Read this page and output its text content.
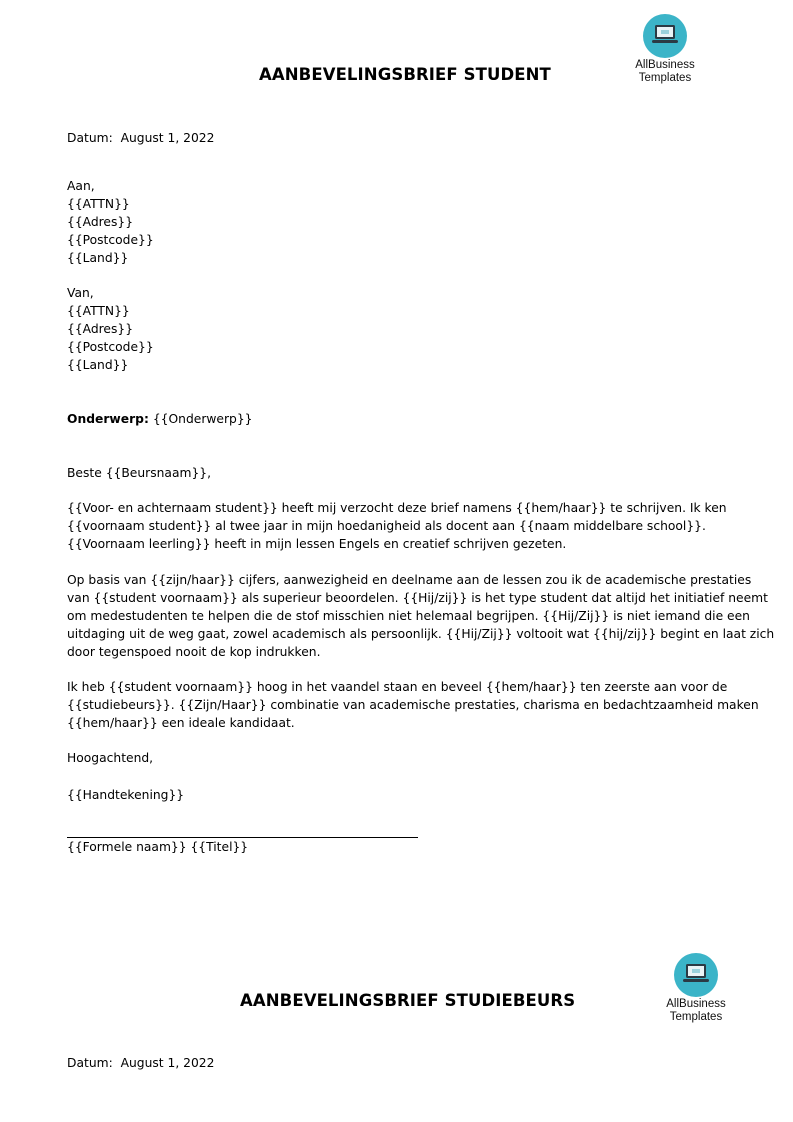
AANBEVELINGSBRIEF STUDENT	AllBusiness
Templates
Datum: August 1, 2022
Aan,
{{ATTN}}
{{Adres}}
{{Postcode}}
{{Land}}
Van,
{{ATTN}}
{{Adres}}
{{Postcode}}
{{Land}}
Onderwerp: {{Onderwerp}}
Beste {{Beursnaam}},
{{Voor- en achternaam student}} heeft mij verzocht deze brief namens {{hem/haar}} te schrijven. Ik ken
{{voornaam student}} al twee jaar in mijn hoedanigheid als docent aan {{naam middelbare school}}.
{{Voornaam leerling}} heeft in mijn lessen Engels en creatief schrijven gezeten.
Op basis van {{zijn/haar}} cijfers, aanwezigheid en deelname aan de lessen zou ik de academische prestaties
van {{student voornaam}} als superieur beoordelen. {{Hij/zij}} is het type student dat altijd het initiatief neemt
om medestudenten te helpen die de stof misschien niet helemaal begrijpen. {{Hij/Zij}} is niet iemand die een
uitdaging uit de weg gaat, zowel academisch als persoonlijk. {{Hij/Zij}} voltooit wat {{hij/zij}} begint en laat zich
door tegenspoed nooit de kop indrukken.
Ik heb {{student voornaam}} hoog in het vaandel staan en beveel {{hem/haar}} ten zeerste aan voor de
{{studiebeurs}}. {{Zijn/Haar}} combinatie van academische prestaties, charisma en bedachtzaamheid maken
{{hem/haar}} een ideale kandidaat.
Hoogachtend,
{{Handtekening}}
{{Formele naam}} {{Titel}}
AANBEVELINGSBRIEF STUDIEBEURS	AllBusiness
Templates
Datum: August 1, 2022
